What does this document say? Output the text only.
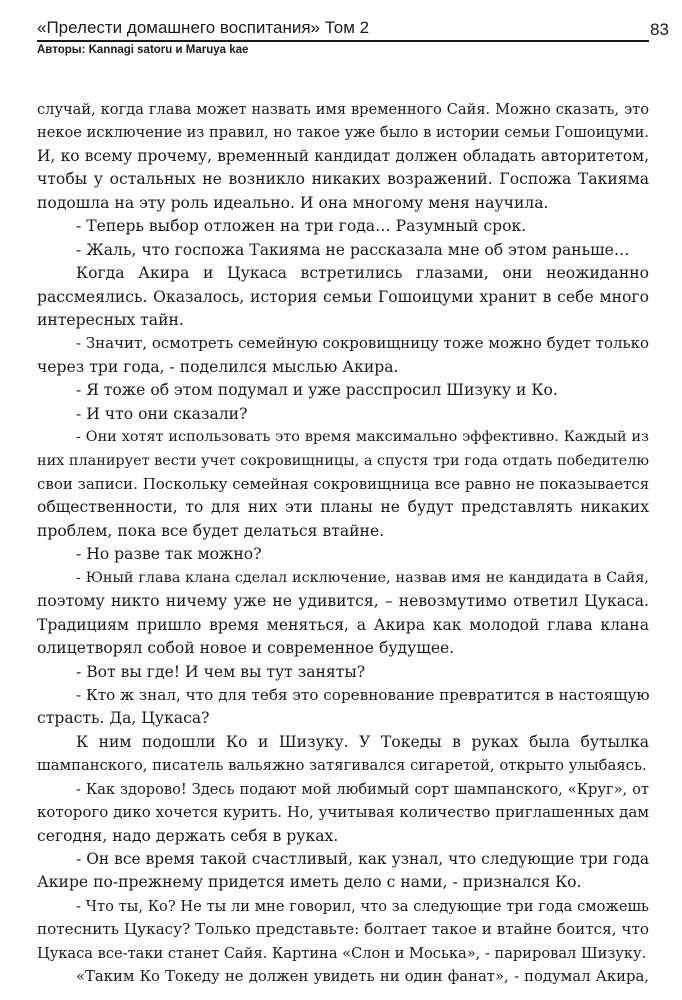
«Прелести домашнего воспитания» Том 2
Авторы: Kannagi satoru и Maruya kae
83
случай, когда глава может назвать имя временного Сайя. Можно сказать, это
некое исключение из правил, но такое уже было в истории семьи Гошоицуми.
И, ко всему прочему, временный кандидат должен обладать авторитетом,
чтобы у остальных не возникло никаких возражений. Госпожа Такияма
подошла на эту роль идеально. И она многому меня научила.
- Теперь выбор отложен на три года… Разумный срок.
- Жаль, что госпожа Такияма не рассказала мне об этом раньше…
Когда Акира и Цукаса встретились глазами, они неожиданно
рассмеялись. Оказалось, история семьи Гошоицуми хранит в себе много
интересных тайн.
- Значит, осмотреть семейную сокровищницу тоже можно будет только
через три года, - поделился мыслью Акира.
- Я тоже об этом подумал и уже расспросил Шизуку и Ко.
- И что они сказали?
- Они хотят использовать это время максимально эффективно. Каждый из
них планирует вести учет сокровищницы, а спустя три года отдать победителю
свои записи. Поскольку семейная сокровищница все равно не показывается
общественности, то для них эти планы не будут представлять никаких
проблем, пока все будет делаться втайне.
- Но разве так можно?
- Юный глава клана сделал исключение, назвав имя не кандидата в Сайя,
поэтому никто ничему уже не удивится, – невозмутимо ответил Цукаса.
Традициям пришло время меняться, а Акира как молодой глава клана
олицетворял собой новое и современное будущее.
- Вот вы где! И чем вы тут заняты?
- Кто ж знал, что для тебя это соревнование превратится в настоящую
страсть. Да, Цукаса?
К ним подошли Ко и Шизуку. У Токеды в руках была бутылка
шампанского, писатель вальяжно затягивался сигаретой, открыто улыбаясь.
- Как здорово! Здесь подают мой любимый сорт шампанского, «Круг», от
которого дико хочется курить. Но, учитывая количество приглашенных дам
сегодня, надо держать себя в руках.
- Он все время такой счастливый, как узнал, что следующие три года
Акире по-прежнему придется иметь дело с нами, - признался Ко.
- Что ты, Ко? Не ты ли мне говорил, что за следующие три года сможешь
потеснить Цукасу? Только представьте: болтает такое и втайне боится, что
Цукаса все-таки станет Сайя. Картина «Слон и Моська», - парировал Шизуку.
«Таким Ко Токеду не должен увидеть ни один фанат», - подумал Акира,
